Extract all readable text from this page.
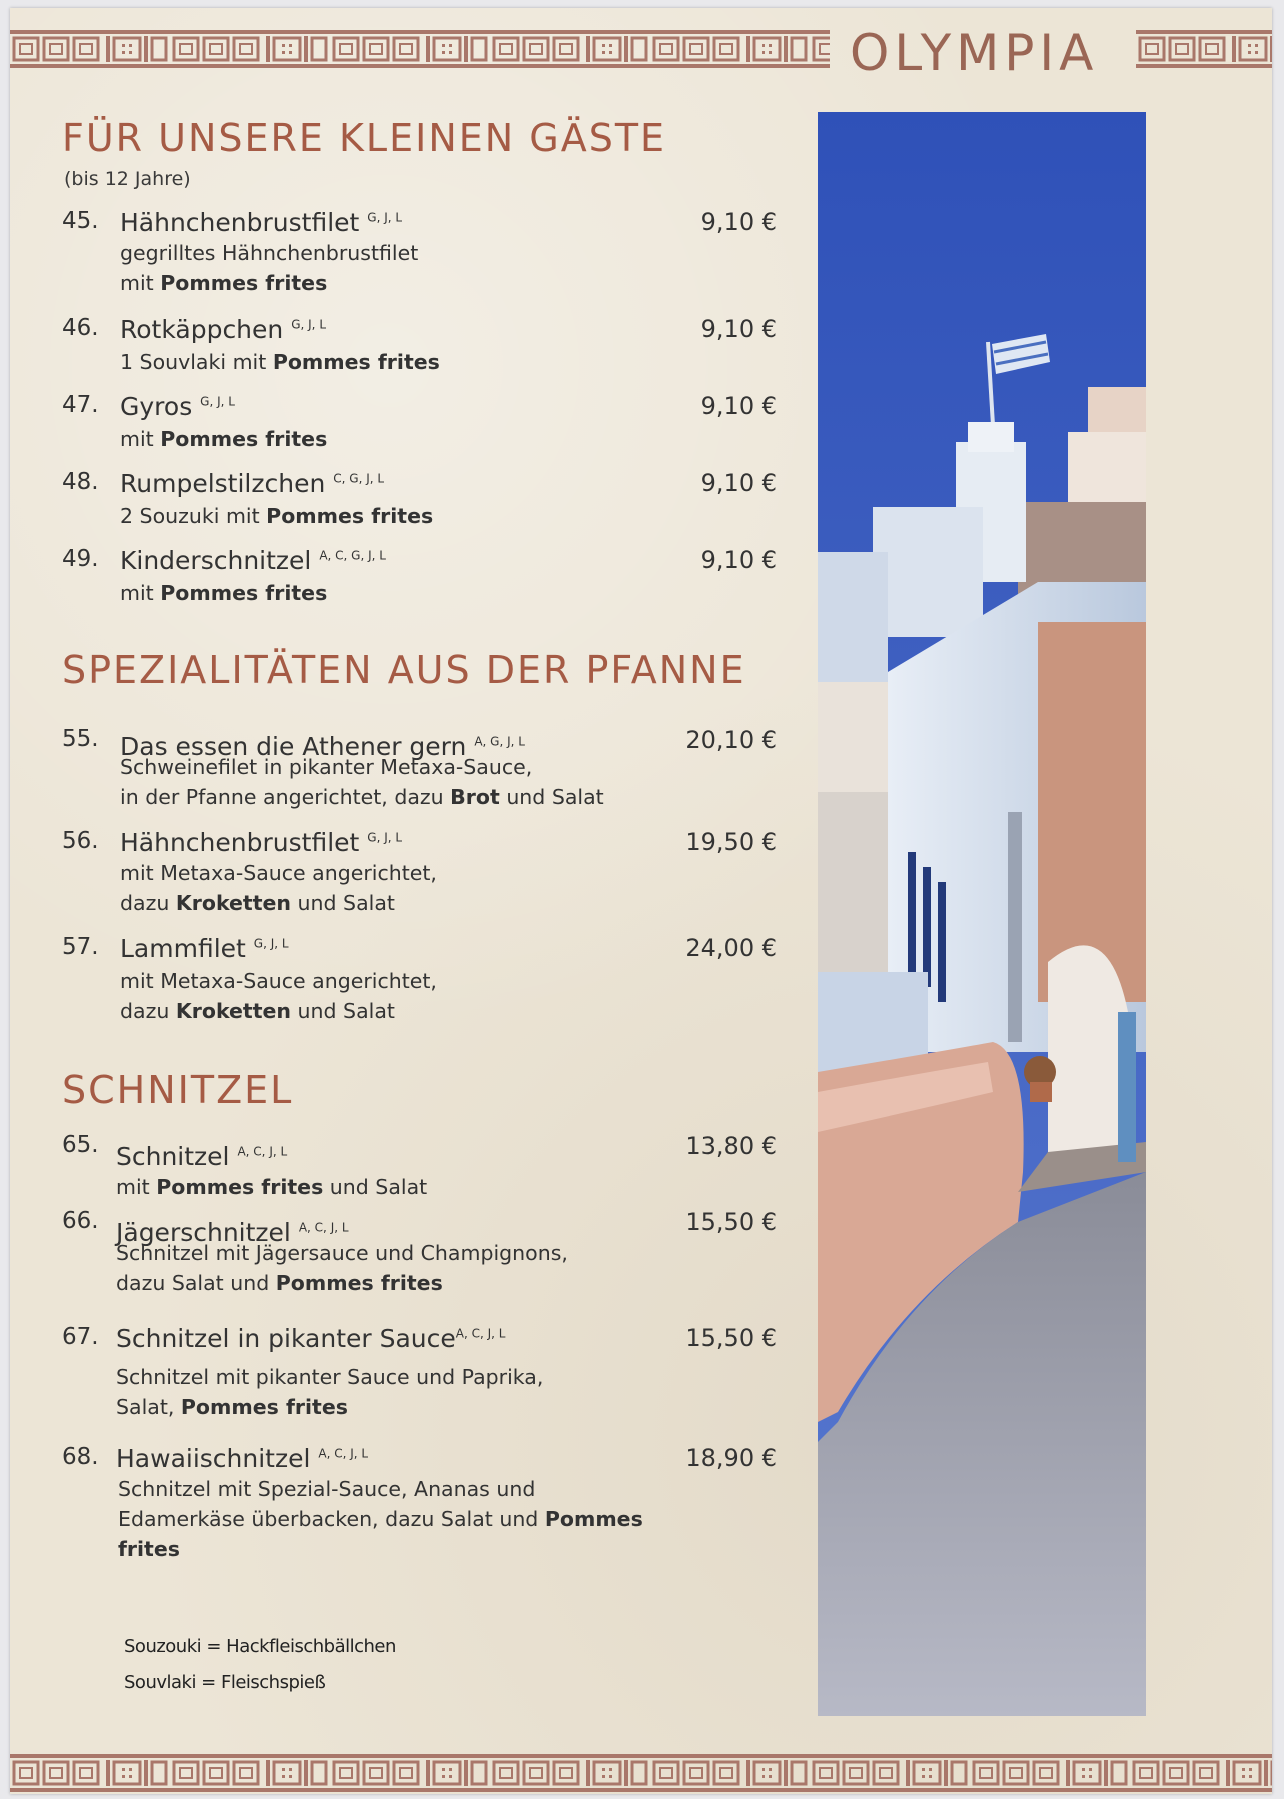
OLYMPIA
FÜR UNSERE KLEINEN GÄSTE
(bis 12 Jahre)
45. Hähnchenbrustfilet $^{G, J, L}$	9,10 €
gegrilltes Hähnchenbrustfilet
mit Pommes frites
46. Rotkäppchen $^{G, J, L}$	9,10 €
1 Souvlaki mit Pommes frites
47. Gyros $^{G, J, L}$	9,10 €
mit Pommes frites
48. Rumpelstilzchen $^{C, G, J, L}$	9,10 €
2 Souzuki mit Pommes frites
49. Kinderschnitzel $^{A, C, G, J, L}$	9,10 €
mit Pommes frites
SPEZIALITÄTEN AUS DER PFANNE
55. Das essen die Athener gern $^{A, G, J, L}$	20,10 €
Schweinefilet in pikanter Metaxa-Sauce,
in der Pfanne angerichtet, dazu Brot und Salat
56. Hähnchenbrustfilet $^{G, J, L}$	19,50 €
mit Metaxa-Sauce angerichtet,
dazu Kroketten und Salat
57. Lammfilet $^{G, J, L}$	24,00 €
mit Metaxa-Sauce angerichtet,
dazu Kroketten und Salat
SCHNITZEL
65. Schnitzel $^{A, C, J, L}$	13,80 €
mit Pommes frites und Salat
66. Jägerschnitzel $^{A, C, J, L}$	15,50 €
Schnitzel mit Jägersauce und Champignons,
dazu Salat und Pommes frites
67. Schnitzel in pikanter Sauce$^{A, C, J, L}$	15,50 €
Schnitzel mit pikanter Sauce und Paprika,
Salat, Pommes frites
68. Hawaiischnitzel $^{A, C, J, L}$	18,90 €
Schnitzel mit Spezial-Sauce, Ananas und
Edamerkäse überbacken, dazu Salat und Pommes
frites
Souzouki = Hackfleischbällchen
Souvlaki = Fleischspieß
